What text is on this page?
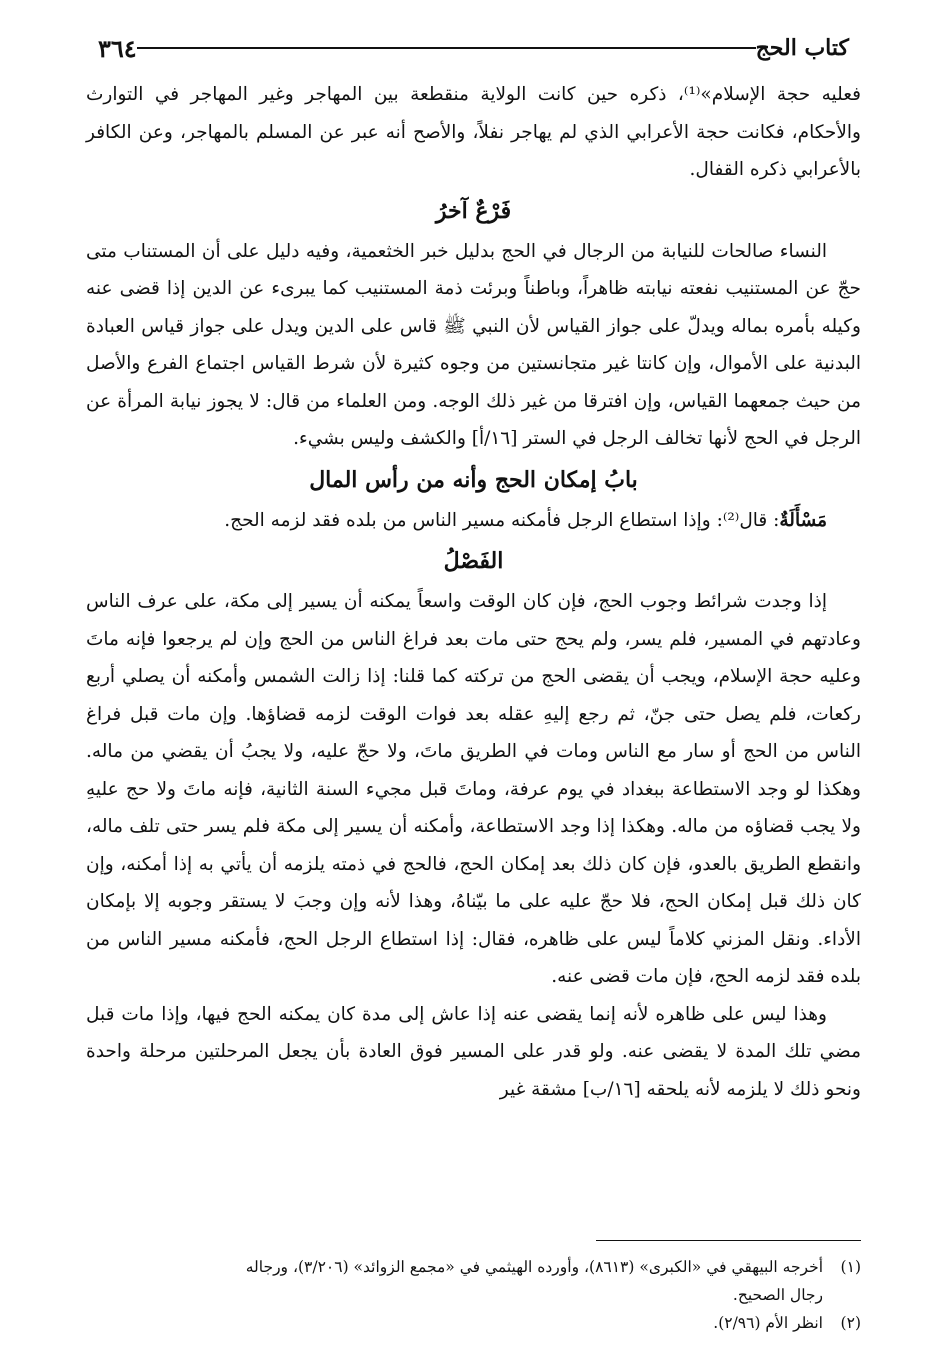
كتاب الحج
٣٦٤

فعليه حجة الإسلام»⁽¹⁾، ذكره حين كانت الولاية منقطعة بين المهاجر وغير المهاجر في التوارث والأحكام، فكانت حجة الأعرابي الذي لم يهاجر نفلاً، والأصح أنه عبر عن المسلم بالمهاجر، وعن الكافر بالأعرابي ذكره القفال.

فَرْعٌ آخرُ

النساء صالحات للنيابة من الرجال في الحج بدليل خبر الخثعمية، وفيه دليل على أن المستناب متى حجّ عن المستنيب نفعته نيابته ظاهراً، وباطناً وبرئت ذمة المستنيب كما يبرىء عن الدين إذا قضى عنه وكيله بأمره بماله ويدلّ على جواز القياس لأن النبي ﷺ قاس على الدين ويدل على جواز قياس العبادة البدنية على الأموال، وإن كانتا غير متجانستين من وجوه كثيرة لأن شرط القياس اجتماع الفرع والأصل من حيث جمعهما القياس، وإن افترقا من غير ذلك الوجه. ومن العلماء من قال: لا يجوز نيابة المرأة عن الرجل في الحج لأنها تخالف الرجل في الستر [١٦/أ] والكشف وليس بشيء.

بابُ إمكان الحج وأنه من رأس المال

مَسْأَلَةٌ: قال⁽²⁾: وإذا استطاع الرجل فأمكنه مسير الناس من بلده فقد لزمه الحج.

الفَصْلُ

إذا وجدت شرائط وجوب الحج، فإن كان الوقت واسعاً يمكنه أن يسير إلى مكة، على عرف الناس وعادتهم في المسير، فلم يسر، ولم يحج حتى مات بعد فراغ الناس من الحج وإن لم يرجعوا فإنه ماتَ وعليه حجة الإسلام، ويجب أن يقضى الحج من تركته كما قلنا: إذا زالت الشمس وأمكنه أن يصلي أربع ركعات، فلم يصل حتى جنّ، ثم رجع إليهِ عقله بعد فوات الوقت لزمه قضاؤها. وإن مات قبل فراغ الناس من الحج أو سار مع الناس ومات في الطريق ماتَ، ولا حجّ عليه، ولا يجبُ أن يقضي من ماله. وهكذا لو وجد الاستطاعة ببغداد في يوم عرفة، وماتَ قبل مجيء السنة الثانية، فإنه ماتَ ولا حج عليهِ ولا يجب قضاؤه من ماله. وهكذا إذا وجد الاستطاعة، وأمكنه أن يسير إلى مكة فلم يسر حتى تلف ماله، وانقطع الطريق بالعدو، فإن كان ذلك بعد إمكان الحج، فالحج في ذمته يلزمه أن يأتي به إذا أمكنه، وإن كان ذلك قبل إمكان الحج، فلا حجّ عليه على ما بيّناهُ، وهذا لأنه وإن وجبَ لا يستقر وجوبه إلا بإمكان الأداء. ونقل المزني كلاماً ليس على ظاهره، فقال: إذا استطاع الرجل الحج، فأمكنه مسير الناس من بلده فقد لزمه الحج، فإن مات قضى عنه.

وهذا ليس على ظاهره لأنه إنما يقضى عنه إذا عاش إلى مدة كان يمكنه الحج فيها، وإذا مات قبل مضي تلك المدة لا يقضى عنه. ولو قدر على المسير فوق العادة بأن يجعل المرحلتين مرحلة واحدة ونحو ذلك لا يلزمه لأنه يلحقه [١٦/ب] مشقة غير

(١)أخرجه البيهقي في «الكبرى» (٨٦١٣)، وأورده الهيثمي في «مجمع الزوائد» (٣/٢٠٦)، ورجاله

رجال الصحيح.

(٢)انظر الأم (٢/٩٦).
